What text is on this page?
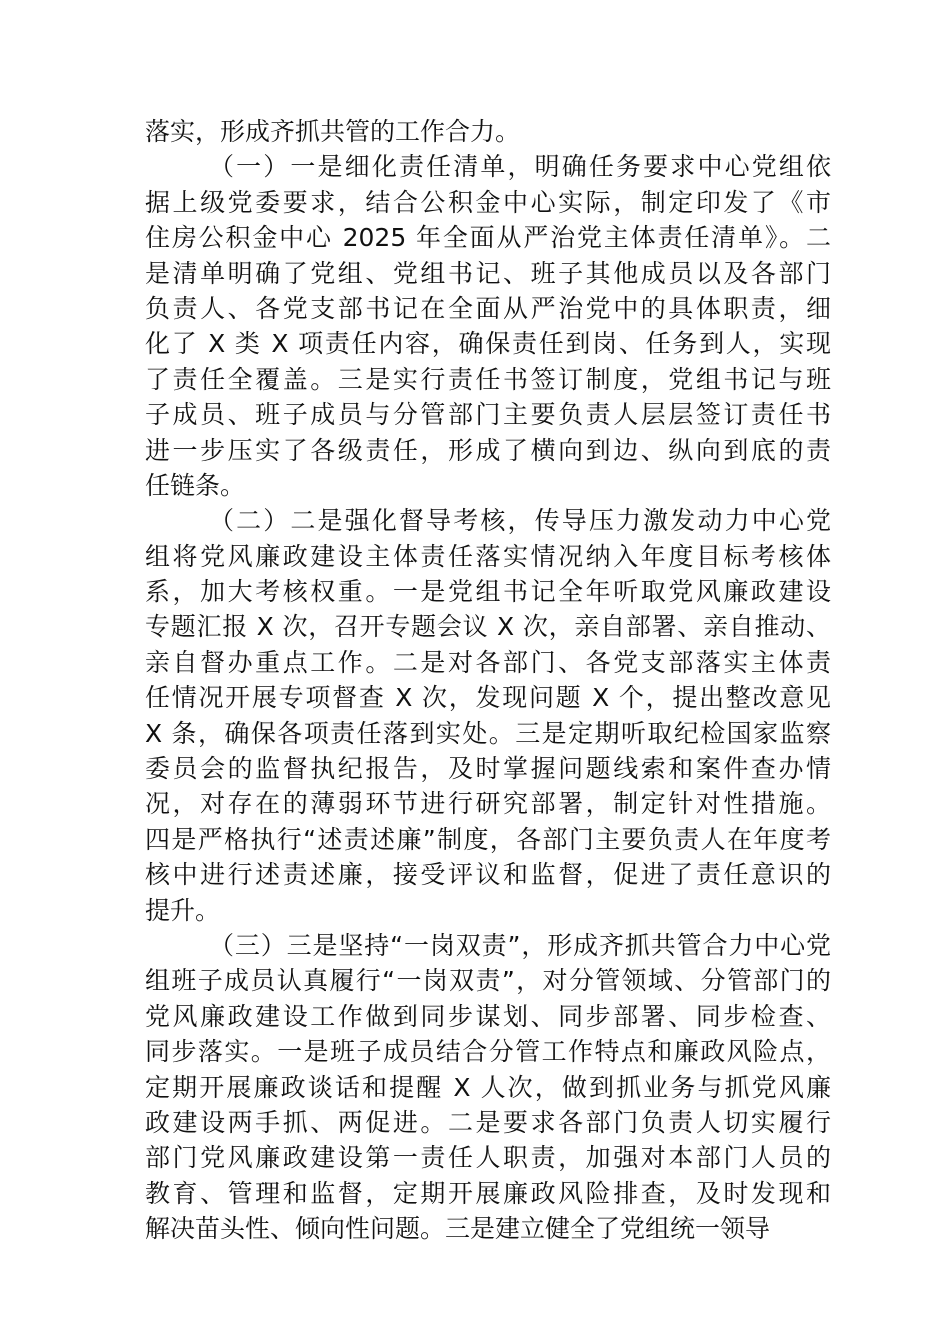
落实，形成齐抓共管的工作合力。
（一）一是细化责任清单，明确任务要求中心党组依
据上级党委要求，结合公积金中心实际，制定印发了《市
住房公积金中心 2025 年全面从严治党主体责任清单》。二
是清单明确了党组、党组书记、班子其他成员以及各部门
负责人、各党支部书记在全面从严治党中的具体职责，细
化了 X 类 X 项责任内容，确保责任到岗、任务到人，实现
了责任全覆盖。三是实行责任书签订制度，党组书记与班
子成员、班子成员与分管部门主要负责人层层签订责任书
进一步压实了各级责任，形成了横向到边、纵向到底的责
任链条。
（二）二是强化督导考核，传导压力激发动力中心党
组将党风廉政建设主体责任落实情况纳入年度目标考核体
系，加大考核权重。一是党组书记全年听取党风廉政建设
专题汇报 X 次，召开专题会议 X 次，亲自部署、亲自推动、
亲自督办重点工作。二是对各部门、各党支部落实主体责
任情况开展专项督查 X 次，发现问题 X 个，提出整改意见
X 条，确保各项责任落到实处。三是定期听取纪检国家监察
委员会的监督执纪报告，及时掌握问题线索和案件查办情
况，对存在的薄弱环节进行研究部署，制定针对性措施。
四是严格执行“述责述廉”制度，各部门主要负责人在年度考
核中进行述责述廉，接受评议和监督，促进了责任意识的
提升。
（三）三是坚持“一岗双责”，形成齐抓共管合力中心党
组班子成员认真履行“一岗双责”，对分管领域、分管部门的
党风廉政建设工作做到同步谋划、同步部署、同步检查、
同步落实。一是班子成员结合分管工作特点和廉政风险点，
定期开展廉政谈话和提醒 X 人次，做到抓业务与抓党风廉
政建设两手抓、两促进。二是要求各部门负责人切实履行
部门党风廉政建设第一责任人职责，加强对本部门人员的
教育、管理和监督，定期开展廉政风险排查，及时发现和
解决苗头性、倾向性问题。三是建立健全了党组统一领导
